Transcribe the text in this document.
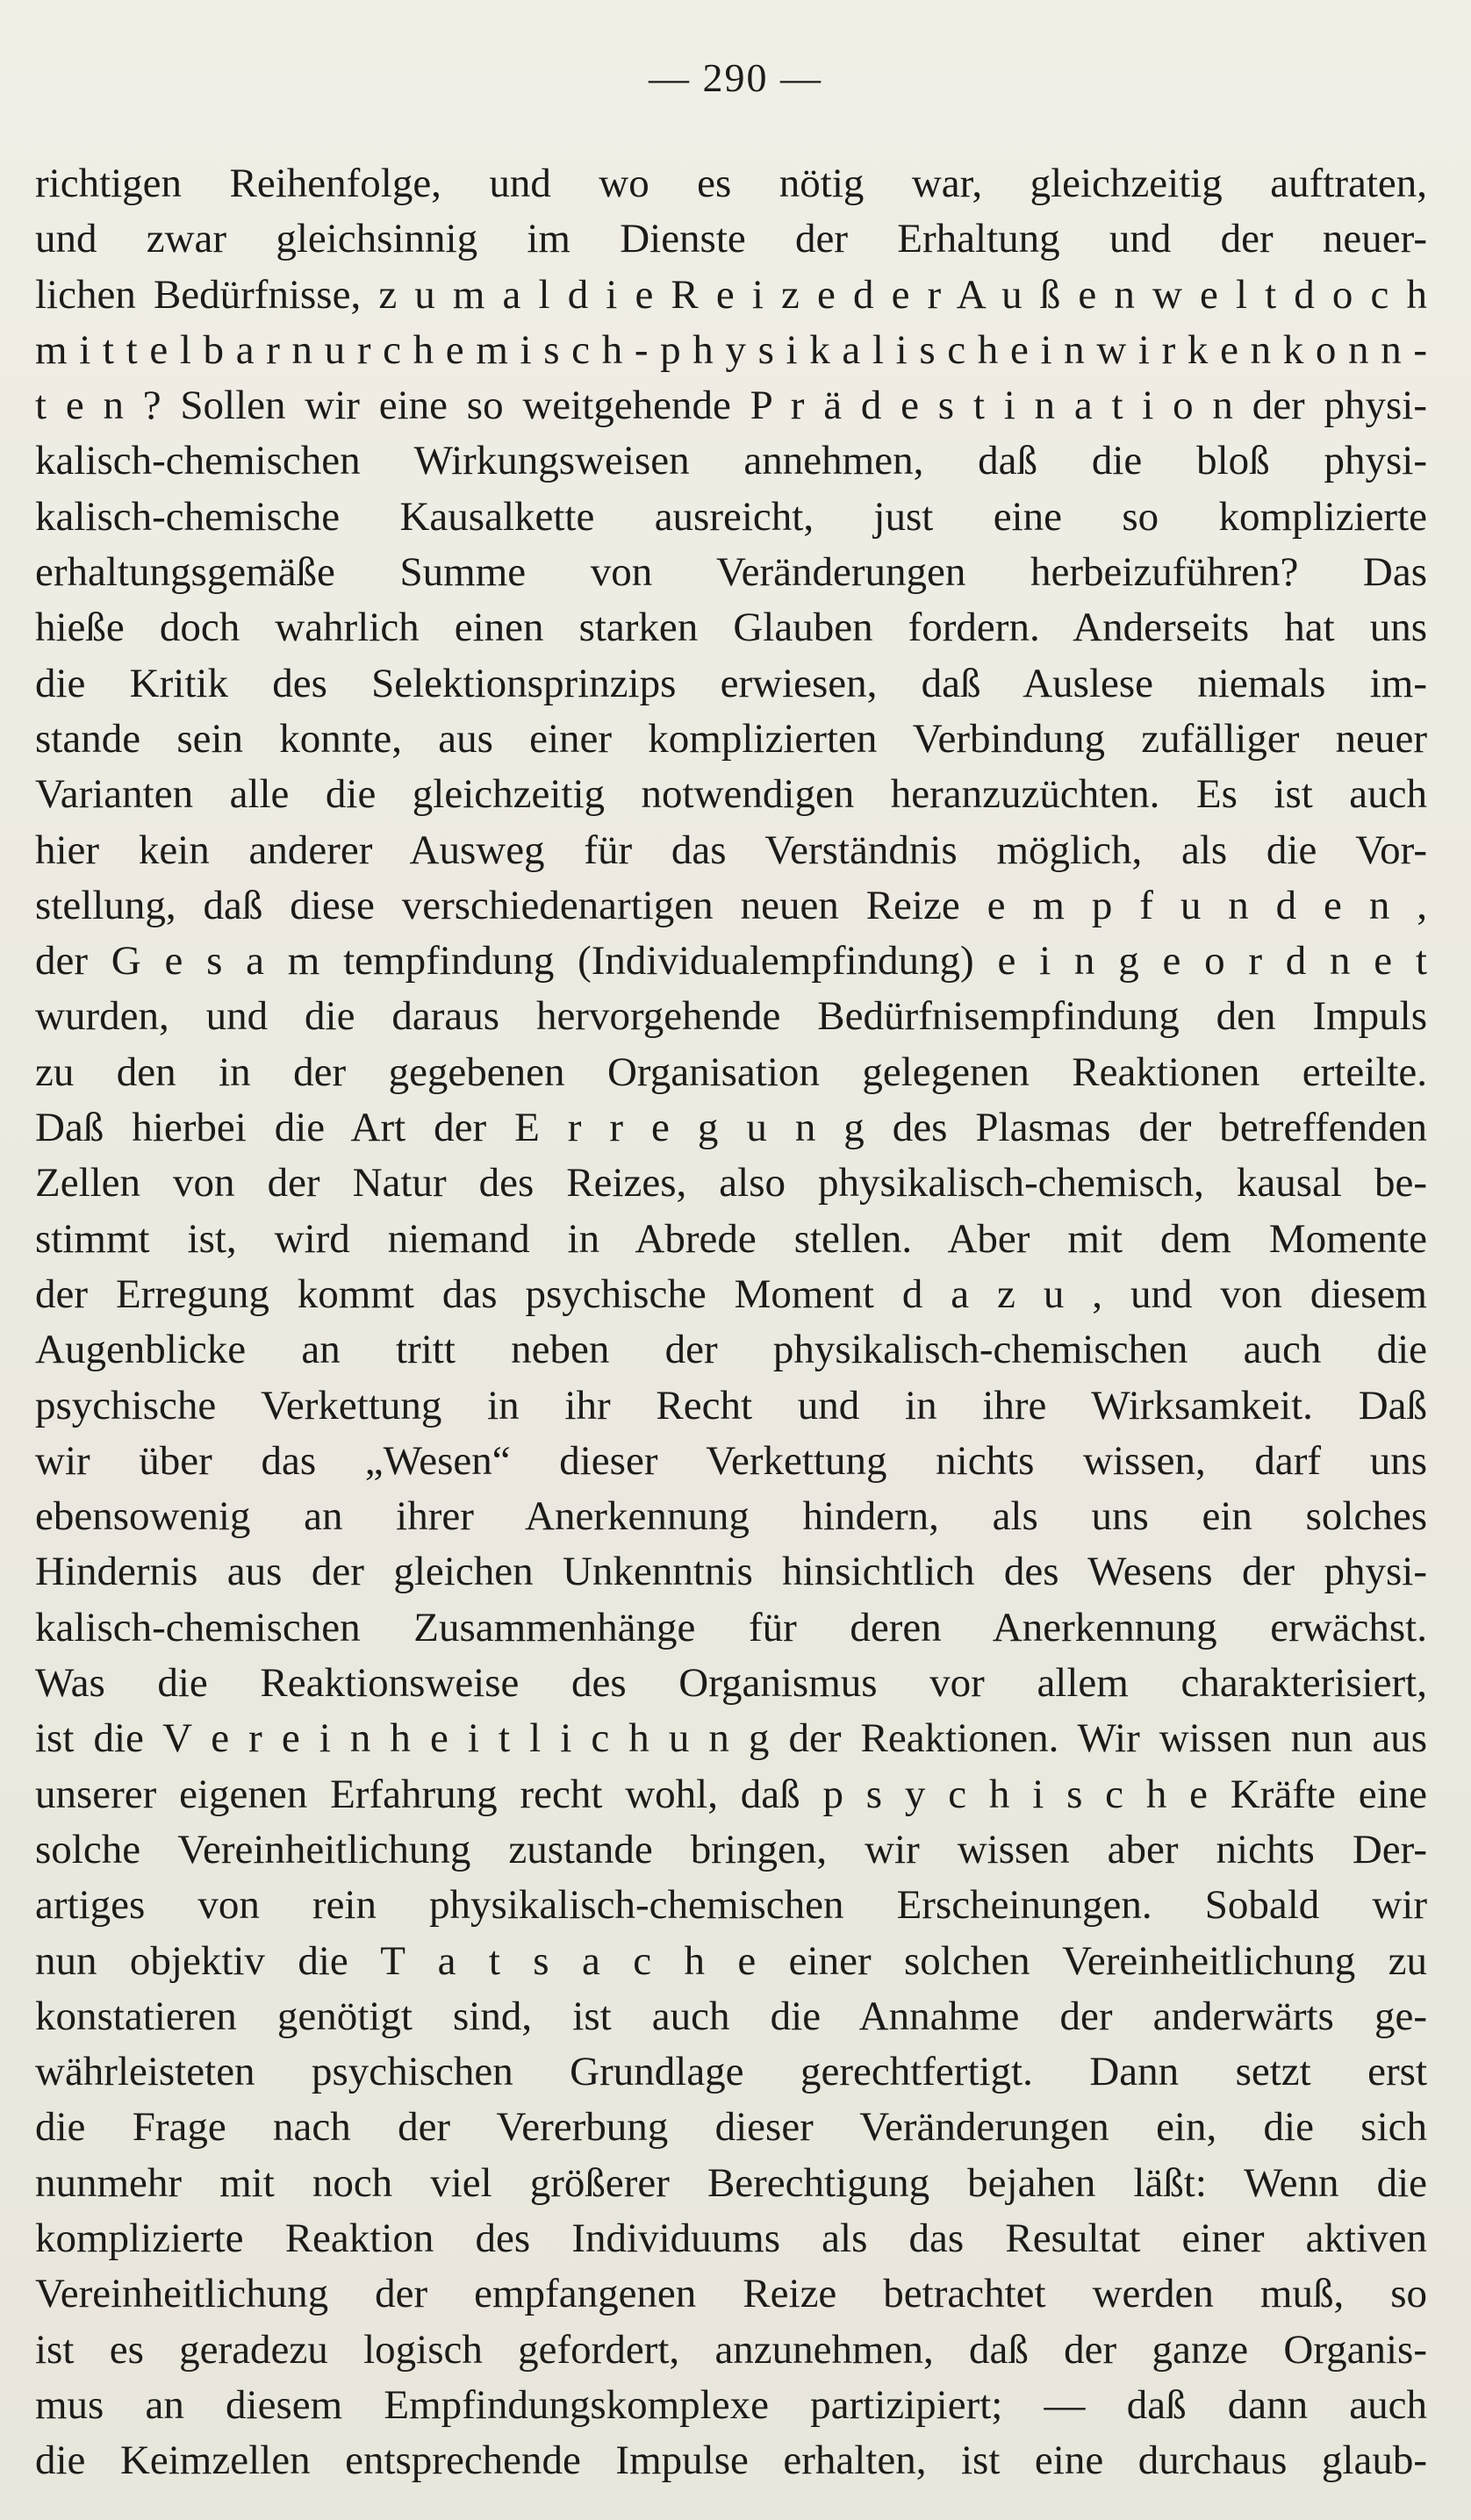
— 290 —
richtigen Reihenfolge, und wo es nötig war, gleichzeitig auftraten,
und zwar gleichsinnig im Dienste der Erhaltung und der neuer-
lichen Bedürfnisse, z u m a l d i e R e i z e d e r A u ß e n w e l t d o c h
m i t t e l b a r n u r c h e m i s c h - p h y s i k a l i s c h e i n w i r k e n k o n n -
t e n ? Sollen wir eine so weitgehende P r ä d e s t i n a t i o n der physi-
kalisch-chemischen Wirkungsweisen annehmen, daß die bloß physi-
kalisch-chemische Kausalkette ausreicht, just eine so komplizierte
erhaltungsgemäße Summe von Veränderungen herbeizuführen? Das
hieße doch wahrlich einen starken Glauben fordern. Anderseits hat uns
die Kritik des Selektionsprinzips erwiesen, daß Auslese niemals im-
stande sein konnte, aus einer komplizierten Verbindung zufälliger neuer
Varianten alle die gleichzeitig notwendigen heranzuzüchten. Es ist auch
hier kein anderer Ausweg für das Verständnis möglich, als die Vor-
stellung, daß diese verschiedenartigen neuen Reize e m p f u n d e n ,
der G e s a m tempfindung (Individualempfindung) e i n g e o r d n e t
wurden, und die daraus hervorgehende Bedürfnisempfindung den Impuls
zu den in der gegebenen Organisation gelegenen Reaktionen erteilte.
Daß hierbei die Art der E r r e g u n g des Plasmas der betreffenden
Zellen von der Natur des Reizes, also physikalisch-chemisch, kausal be-
stimmt ist, wird niemand in Abrede stellen. Aber mit dem Momente
der Erregung kommt das psychische Moment d a z u , und von diesem
Augenblicke an tritt neben der physikalisch-chemischen auch die
psychische Verkettung in ihr Recht und in ihre Wirksamkeit. Daß
wir über das „Wesen“ dieser Verkettung nichts wissen, darf uns
ebensowenig an ihrer Anerkennung hindern, als uns ein solches
Hindernis aus der gleichen Unkenntnis hinsichtlich des Wesens der physi-
kalisch-chemischen Zusammenhänge für deren Anerkennung erwächst.
Was die Reaktionsweise des Organismus vor allem charakterisiert,
ist die V e r e i n h e i t l i c h u n g der Reaktionen. Wir wissen nun aus
unserer eigenen Erfahrung recht wohl, daß p s y c h i s c h e Kräfte eine
solche Vereinheitlichung zustande bringen, wir wissen aber nichts Der-
artiges von rein physikalisch-chemischen Erscheinungen. Sobald wir
nun objektiv die T a t s a c h e einer solchen Vereinheitlichung zu
konstatieren genötigt sind, ist auch die Annahme der anderwärts ge-
währleisteten psychischen Grundlage gerechtfertigt. Dann setzt erst
die Frage nach der Vererbung dieser Veränderungen ein, die sich
nunmehr mit noch viel größerer Berechtigung bejahen läßt: Wenn die
komplizierte Reaktion des Individuums als das Resultat einer aktiven
Vereinheitlichung der empfangenen Reize betrachtet werden muß, so
ist es geradezu logisch gefordert, anzunehmen, daß der ganze Organis-
mus an diesem Empfindungskomplexe partizipiert; — daß dann auch
die Keimzellen entsprechende Impulse erhalten, ist eine durchaus glaub-
